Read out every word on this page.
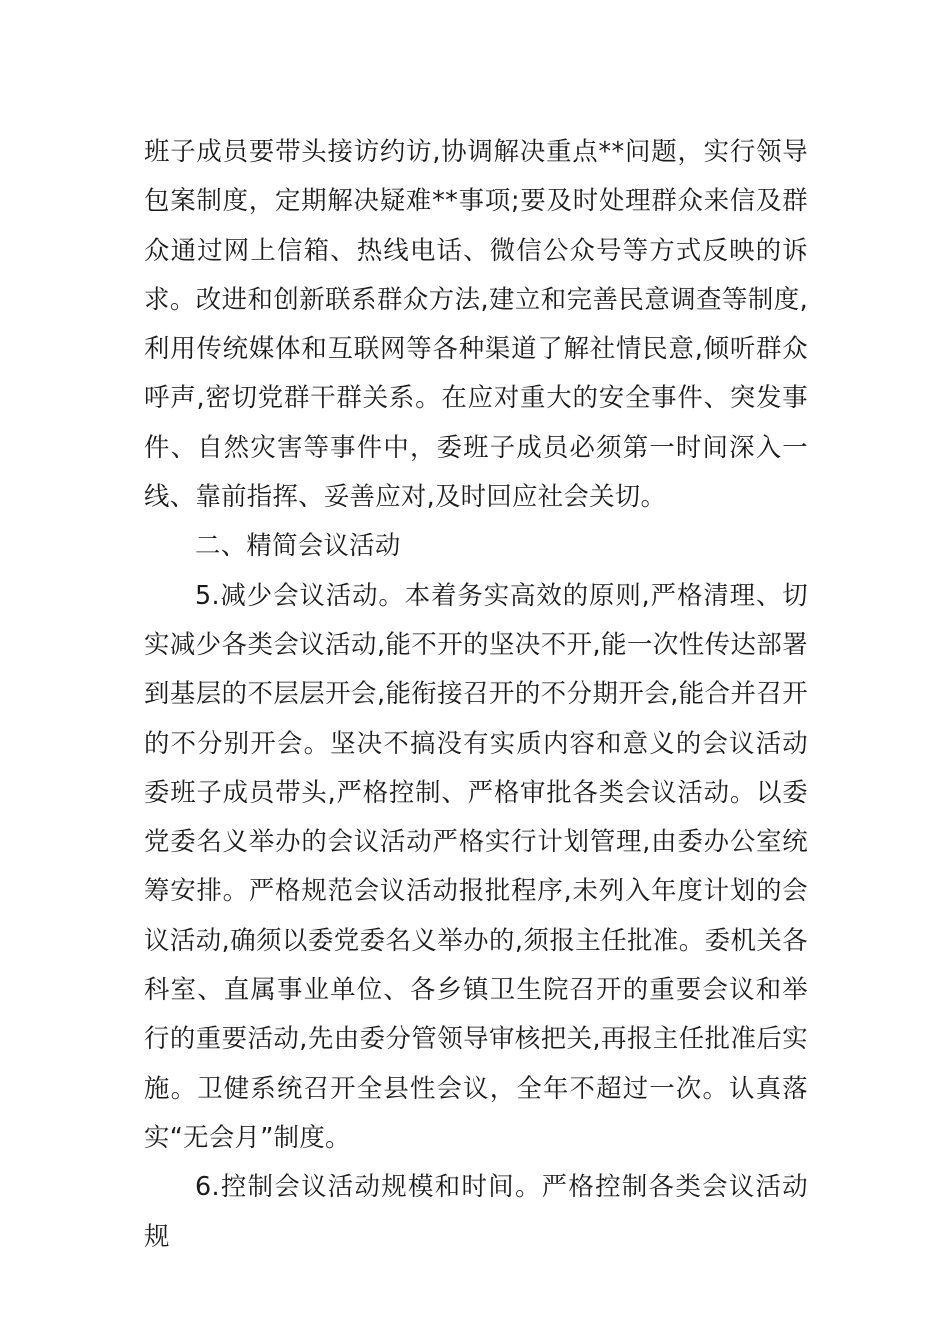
班子成员要带头接访约访,协调解决重点**问题，实行领导包案制度，定期解决疑难**事项;要及时处理群众来信及群众通过网上信箱、热线电话、微信公众号等方式反映的诉求。改进和创新联系群众方法,建立和完善民意调查等制度,利用传统媒体和互联网等各种渠道了解社情民意,倾听群众呼声,密切党群干群关系。在应对重大的安全事件、突发事件、自然灾害等事件中，委班子成员必须第一时间深入一线、靠前指挥、妥善应对,及时回应社会关切。

二、精简会议活动

5.减少会议活动。本着务实高效的原则,严格清理、切实减少各类会议活动,能不开的坚决不开,能一次性传达部署到基层的不层层开会,能衔接召开的不分期开会,能合并召开的不分别开会。坚决不搞没有实质内容和意义的会议活动委班子成员带头,严格控制、严格审批各类会议活动。以委党委名义举办的会议活动严格实行计划管理,由委办公室统筹安排。严格规范会议活动报批程序,未列入年度计划的会议活动,确须以委党委名义举办的,须报主任批准。委机关各科室、直属事业单位、各乡镇卫生院召开的重要会议和举行的重要活动,先由委分管领导审核把关,再报主任批准后实施。卫健系统召开全县性会议，全年不超过一次。认真落实“无会月”制度。

6.控制会议活动规模和时间。严格控制各类会议活动规
